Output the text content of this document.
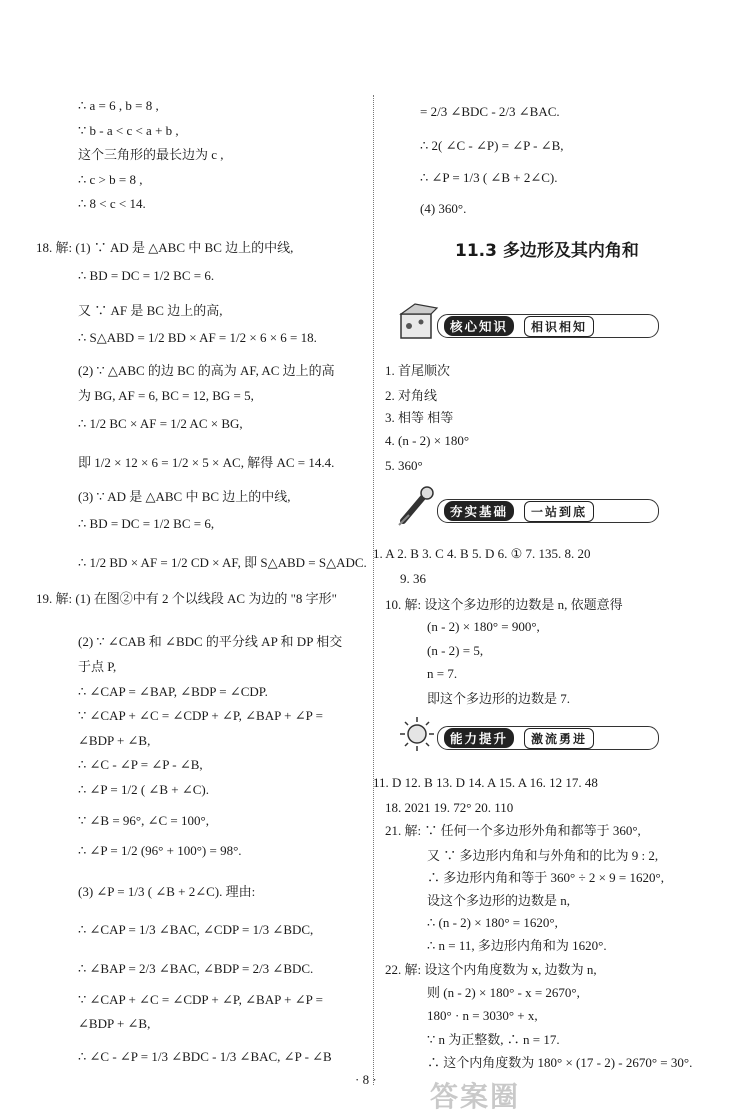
∴ a = 6 , b = 8 ,
∵ b - a < c < a + b ,
这个三角形的最长边为 c ,
∴ c > b = 8 ,
∴ 8 < c < 14.
18. 解: (1) ∵ AD 是 △ABC 中 BC 边上的中线,
∴ BD = DC = 1/2 BC = 6.
又 ∵ AF 是 BC 边上的高,
∴ S△ABD = 1/2 BD × AF = 1/2 × 6 × 6 = 18.
(2) ∵ △ABC 的边 BC 的高为 AF, AC 边上的高
为 BG, AF = 6, BC = 12, BG = 5,
∴ 1/2 BC × AF = 1/2 AC × BG,
即 1/2 × 12 × 6 = 1/2 × 5 × AC, 解得 AC = 14.4.
(3) ∵ AD 是 △ABC 中 BC 边上的中线,
∴ BD = DC = 1/2 BC = 6,
∴ 1/2 BD × AF = 1/2 CD × AF, 即 S△ABD = S△ADC.
19. 解: (1) 在图②中有 2 个以线段 AC 为边的 "8 字形"
(2) ∵ ∠CAB 和 ∠BDC 的平分线 AP 和 DP 相交
于点 P,
∴ ∠CAP = ∠BAP, ∠BDP = ∠CDP.
∵ ∠CAP + ∠C = ∠CDP + ∠P, ∠BAP + ∠P =
∠BDP + ∠B,
∴ ∠C - ∠P = ∠P - ∠B,
∴ ∠P = 1/2 ( ∠B + ∠C).
∵ ∠B = 96°, ∠C = 100°,
∴ ∠P = 1/2 (96° + 100°) = 98°.
(3) ∠P = 1/3 ( ∠B + 2∠C). 理由:
∴ ∠CAP = 1/3 ∠BAC, ∠CDP = 1/3 ∠BDC,
∴ ∠BAP = 2/3 ∠BAC, ∠BDP = 2/3 ∠BDC.
∵ ∠CAP + ∠C = ∠CDP + ∠P, ∠BAP + ∠P =
∠BDP + ∠B,
∴ ∠C - ∠P = 1/3 ∠BDC - 1/3 ∠BAC, ∠P - ∠B
= 2/3 ∠BDC - 2/3 ∠BAC.
∴ 2( ∠C - ∠P) = ∠P - ∠B,
∴ ∠P = 1/3 ( ∠B + 2∠C).
(4) 360°.
11.3 多边形及其内角和
核心知识	相识相知
1. 首尾顺次
2. 对角线
3. 相等 相等
4. (n - 2) × 180°
5. 360°
夯实基础	一站到底
1. A 2. B 3. C 4. B 5. D 6. ① 7. 135. 8. 20
9. 36
10. 解: 设这个多边形的边数是 n, 依题意得
(n - 2) × 180° = 900°,
(n - 2) = 5,
n = 7.
即这个多边形的边数是 7.
能力提升	激流勇进
11. D 12. B 13. D 14. A 15. A 16. 12 17. 48
18. 2021 19. 72° 20. 110
21. 解: ∵ 任何一个多边形外角和都等于 360°,
又 ∵ 多边形内角和与外角和的比为 9 : 2,
∴ 多边形内角和等于 360° ÷ 2 × 9 = 1620°,
设这个多边形的边数是 n,
∴ (n - 2) × 180° = 1620°,
∴ n = 11, 多边形内角和为 1620°.
22. 解: 设这个内角度数为 x, 边数为 n,
则 (n - 2) × 180° - x = 2670°,
180° · n = 3030° + x,
∵ n 为正整数, ∴ n = 17.
∴ 这个内角度数为 180° × (17 - 2) - 2670° = 30°.
· 8 ·
答案圈
